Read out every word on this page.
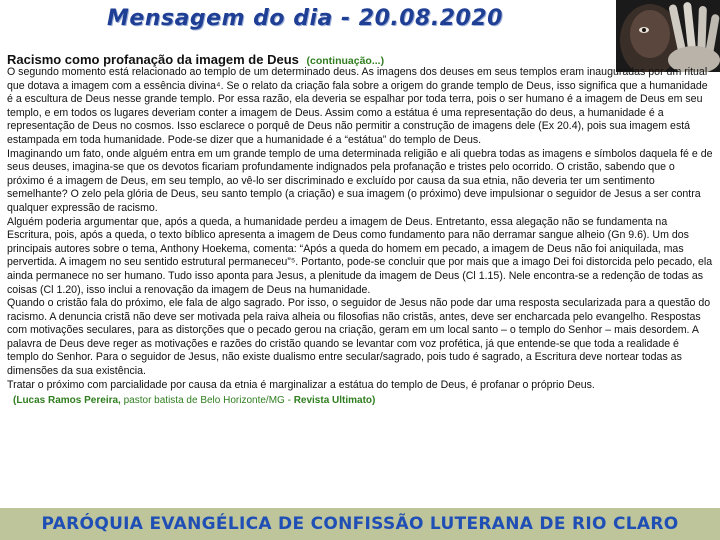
Mensagem do dia - 20.08.2020
Racismo como profanação da imagem de Deus (continuação...)

O segundo momento está relacionado ao templo de um determinado deus. As imagens dos deuses em seus templos eram inauguradas por um ritual que dotava a imagem com a essência divina⁴. Se o relato da criação fala sobre a origem do grande templo de Deus, isso significa que a humanidade é a escultura de Deus nesse grande templo. Por essa razão, ela deveria se espalhar por toda terra, pois o ser humano é a imagem de Deus em seu templo, e em todos os lugares deveriam conter a imagem de Deus. Assim como a estátua é uma representação do deus, a humanidade é a representação de Deus no cosmos. Isso esclarece o porquê de Deus não permitir a construção de imagens dele (Ex 20.4), pois sua imagem está estampada em toda humanidade. Pode-se dizer que a humanidade é a “estátua” do templo de Deus.

Imaginando um fato, onde alguém entra em um grande templo de uma determinada religião e ali quebra todas as imagens e símbolos daquela fé e de seus deuses, imagina-se que os devotos ficariam profundamente indignados pela profanação e tristes pelo ocorrido. O cristão, sabendo que o próximo é a imagem de Deus, em seu templo, ao vê-lo ser discriminado e excluído por causa da sua etnia, não deveria ter um sentimento semelhante? O zelo pela glória de Deus, seu santo templo (a criação) e sua imagem (o próximo) deve impulsionar o seguidor de Jesus a ser contra qualquer expressão de racismo.

Alguém poderia argumentar que, após a queda, a humanidade perdeu a imagem de Deus. Entretanto, essa alegação não se fundamenta na Escritura, pois, após a queda, o texto bíblico apresenta a imagem de Deus como fundamento para não derramar sangue alheio (Gn 9.6). Um dos principais autores sobre o tema, Anthony Hoekema, comenta: “Após a queda do homem em pecado, a imagem de Deus não foi aniquilada, mas pervertida. A imagem no seu sentido estrutural permaneceu”⁵. Portanto, pode-se concluir que por mais que a imago Dei foi distorcida pelo pecado, ela ainda permanece no ser humano. Tudo isso aponta para Jesus, a plenitude da imagem de Deus (Cl 1.15). Nele encontra-se a redenção de todas as coisas (Cl 1.20), isso inclui a renovação da imagem de Deus na humanidade.

Quando o cristão fala do próximo, ele fala de algo sagrado. Por isso, o seguidor de Jesus não pode dar uma resposta secularizada para a questão do racismo. A denuncia cristã não deve ser motivada pela raiva alheia ou filosofias não cristãs, antes, deve ser encharcada pelo evangelho. Respostas com motivações seculares, para as distorções que o pecado gerou na criação, geram em um local santo – o templo do Senhor – mais desordem. A palavra de Deus deve reger as motivações e razões do cristão quando se levantar com voz profética, já que entende-se que toda a realidade é templo do Senhor. Para o seguidor de Jesus, não existe dualismo entre secular/sagrado, pois tudo é sagrado, a Escritura deve nortear todas as dimensões da sua existência.

Tratar o próximo com parcialidade por causa da etnia é marginalizar a estátua do templo de Deus, é profanar o próprio Deus.

(Lucas Ramos Pereira, pastor batista de Belo Horizonte/MG - Revista Ultimato)
PARÓQUIA EVANGÉLICA DE CONFISSÃO LUTERANA DE RIO CLARO
